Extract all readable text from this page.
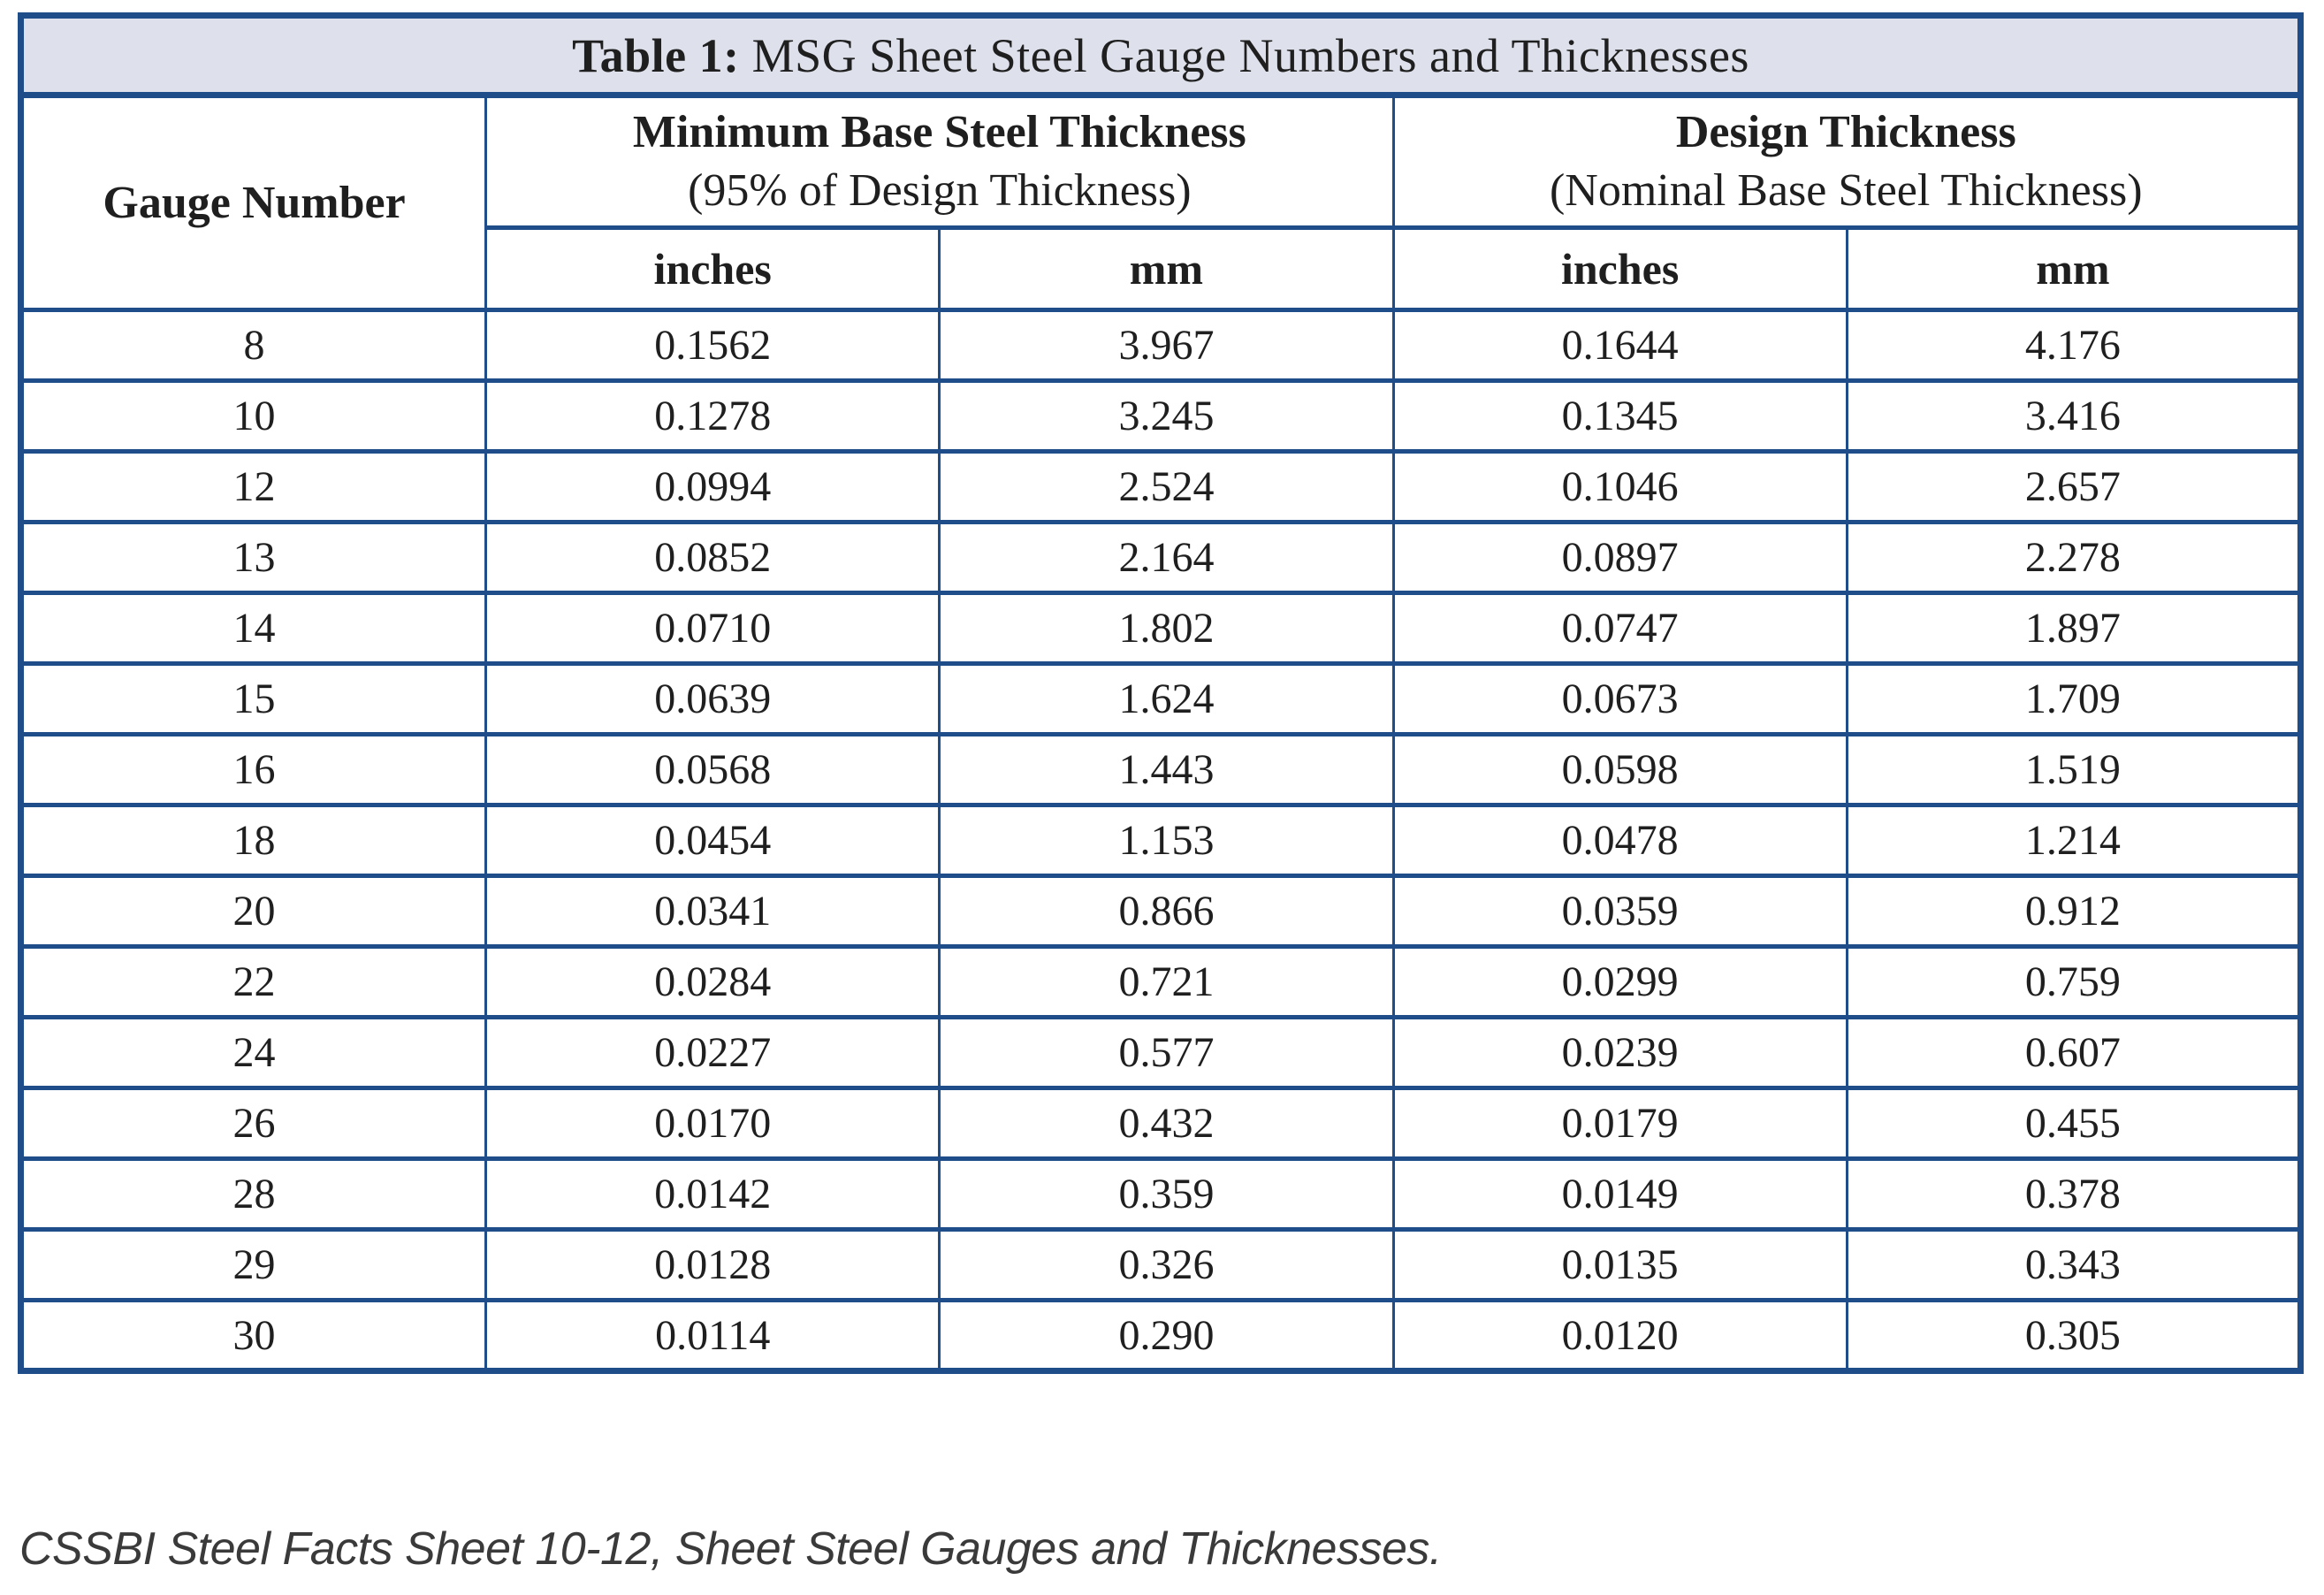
Table 1: MSG Sheet Steel Gauge Numbers and Thicknesses				
Gauge Number	
Minimum Base Steel Thickness
(95% of Design Thickness)

Design Thickness
(Nominal Base Steel Thickness)

	inches	mm	inches	mm
8	0.1562	3.967	0.1644	4.176
10	0.1278	3.245	0.1345	3.416
12	0.0994	2.524	0.1046	2.657
13	0.0852	2.164	0.0897	2.278
14	0.0710	1.802	0.0747	1.897
15	0.0639	1.624	0.0673	1.709
16	0.0568	1.443	0.0598	1.519
18	0.0454	1.153	0.0478	1.214
20	0.0341	0.866	0.0359	0.912
22	0.0284	0.721	0.0299	0.759
24	0.0227	0.577	0.0239	0.607
26	0.0170	0.432	0.0179	0.455
28	0.0142	0.359	0.0149	0.378
29	0.0128	0.326	0.0135	0.343
30	0.0114	0.290	0.0120	0.305
CSSBI Steel Facts Sheet 10-12, Sheet Steel Gauges and Thicknesses.
